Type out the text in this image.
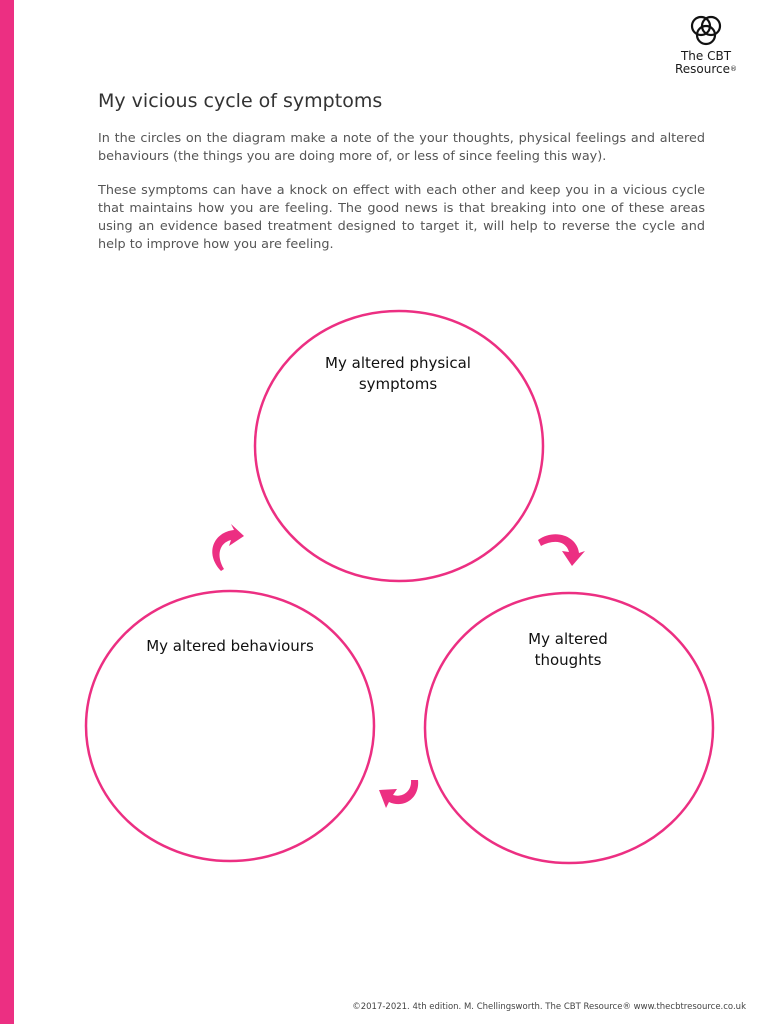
The CBT
Resource®
My vicious cycle of symptoms

In the circles on the diagram make a note of the your thoughts, physical feelings and altered behaviours (the things you are doing more of, or less of since feeling this way).

These symptoms can have a knock on effect with each other and keep you in a vicious cycle that maintains how you are feeling. The good news is that breaking into one of these areas using an evidence based treatment designed to target it, will help to reverse the cycle and help to improve how you are feeling.

My altered physical
symptoms
My altered behaviours	My altered
thoughts
©2017-2021. 4th edition. M. Chellingsworth. The CBT Resource® www.thecbtresource.co.uk
